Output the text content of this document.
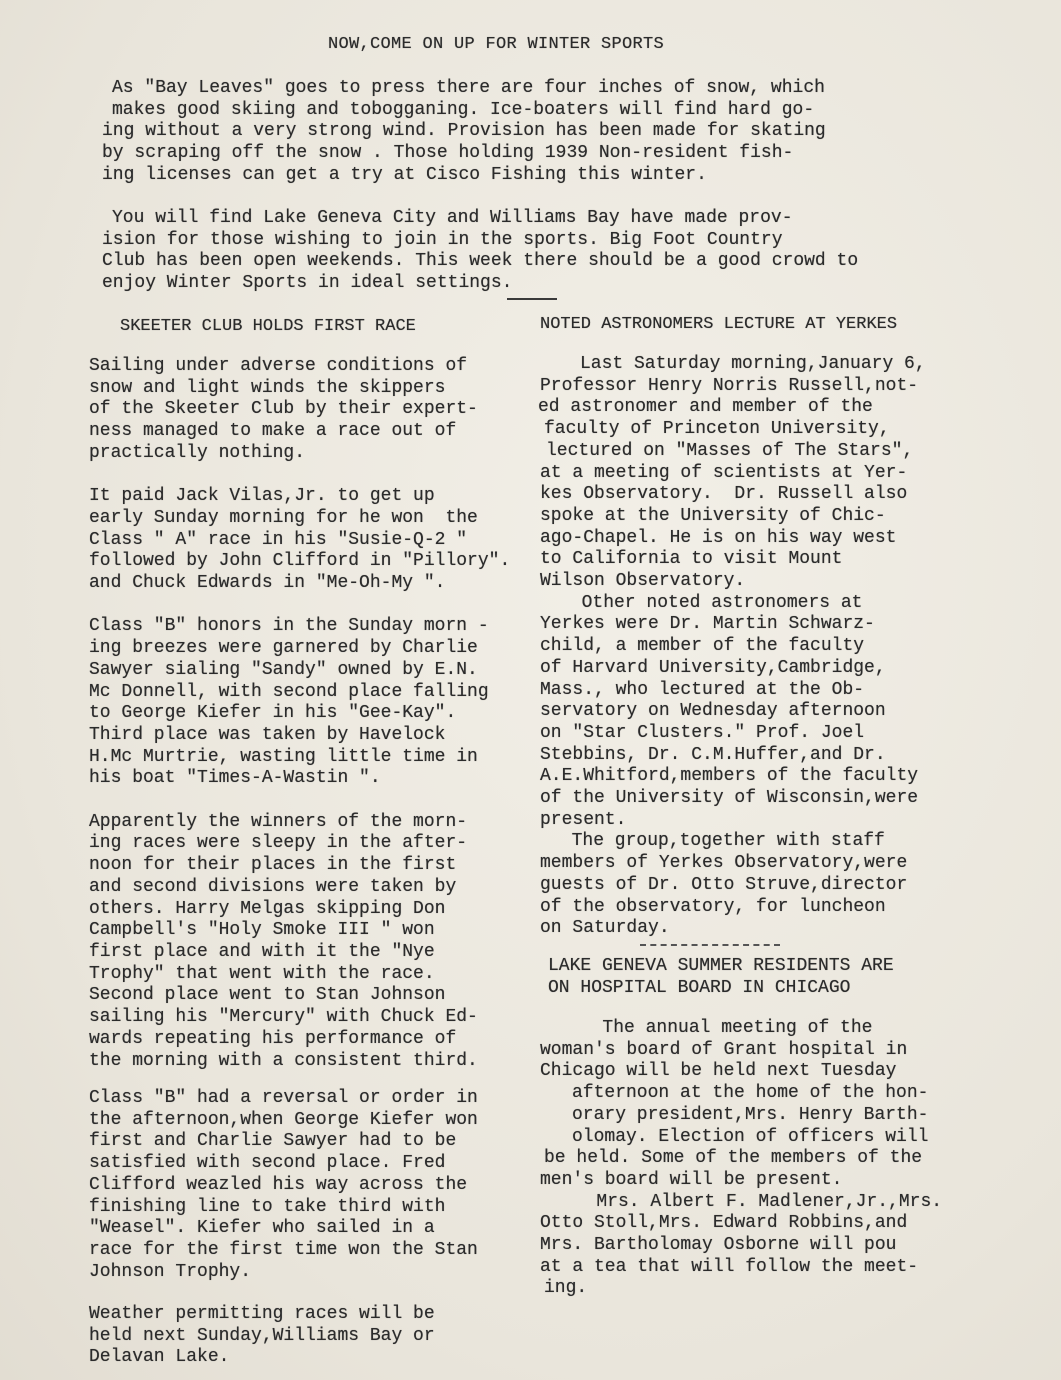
NOW,COME ON UP FOR WINTER SPORTS
As "Bay Leaves" goes to press there are four inches of snow, which
makes good skiing and tobogganing. Ice-boaters will find hard go-
ing without a very strong wind. Provision has been made for skating
by scraping off the snow . Those holding 1939 Non-resident fish-
ing licenses can get a try at Cisco Fishing this winter.
You will find Lake Geneva City and Williams Bay have made prov-
ision for those wishing to join in the sports. Big Foot Country
Club has been open weekends. This week there should be a good crowd to
enjoy Winter Sports in ideal settings.
SKEETER CLUB HOLDS FIRST RACE	NOTED ASTRONOMERS LECTURE AT YERKES
Sailing under adverse conditions of
snow and light winds the skippers
of the Skeeter Club by their expert-
ness managed to make a race out of
practically nothing.

It paid Jack Vilas,Jr. to get up
early Sunday morning for he won  the
Class " A" race in his "Susie-Q-2 "
followed by John Clifford in "Pillory".
and Chuck Edwards in "Me-Oh-My ".

Class "B" honors in the Sunday morn -
ing breezes were garnered by Charlie
Sawyer sialing "Sandy" owned by E.N.
Mc Donnell, with second place falling
to George Kiefer in his "Gee-Kay".
Third place was taken by Havelock
H.Mc Murtrie, wasting little time in
his boat "Times-A-Wastin ".

Apparently the winners of the morn-
ing races were sleepy in the after-
noon for their places in the first
and second divisions were taken by
others. Harry Melgas skipping Don
Campbell's "Holy Smoke III " won
first place and with it the "Nye
Trophy" that went with the race.
Second place went to Stan Johnson
sailing his "Mercury" with Chuck Ed-
wards repeating his performance of
the morning with a consistent third.
Last Saturday morning,January 6,
Professor Henry Norris Russell,not-
ed astronomer and member of the
faculty of Princeton University,
lectured on "Masses of The Stars",
at a meeting of scientists at Yer-
kes Observatory.  Dr. Russell also
spoke at the University of Chic-
ago-Chapel. He is on his way west
to California to visit Mount
Wilson Observatory.
Other noted astronomers at
Yerkes were Dr. Martin Schwarz-
child, a member of the faculty
of Harvard University,Cambridge,
Mass., who lectured at the Ob-
servatory on Wednesday afternoon
on "Star Clusters." Prof. Joel
Stebbins, Dr. C.M.Huffer,and Dr.
A.E.Whitford,members of the faculty
of the University of Wisconsin,were
present.
The group,together with staff
members of Yerkes Observatory,were
guests of Dr. Otto Struve,director
of the observatory, for luncheon
on Saturday.
LAKE GENEVA SUMMER RESIDENTS ARE
ON HOSPITAL BOARD IN CHICAGO
The annual meeting of the
woman's board of Grant hospital in
Chicago will be held next Tuesday
afternoon at the home of the hon-
orary president,Mrs. Henry Barth-
olomay. Election of officers will
be held. Some of the members of the
men's board will be present.
Mrs. Albert F. Madlener,Jr.,Mrs.
Otto Stoll,Mrs. Edward Robbins,and
Mrs. Bartholomay Osborne will pou
at a tea that will follow the meet-
ing.
Class "B" had a reversal or order in
the afternoon,when George Kiefer won
first and Charlie Sawyer had to be
satisfied with second place. Fred
Clifford weazled his way across the
finishing line to take third with
"Weasel". Kiefer who sailed in a
race for the first time won the Stan
Johnson Trophy.
Weather permitting races will be
held next Sunday,Williams Bay or
Delavan Lake.
